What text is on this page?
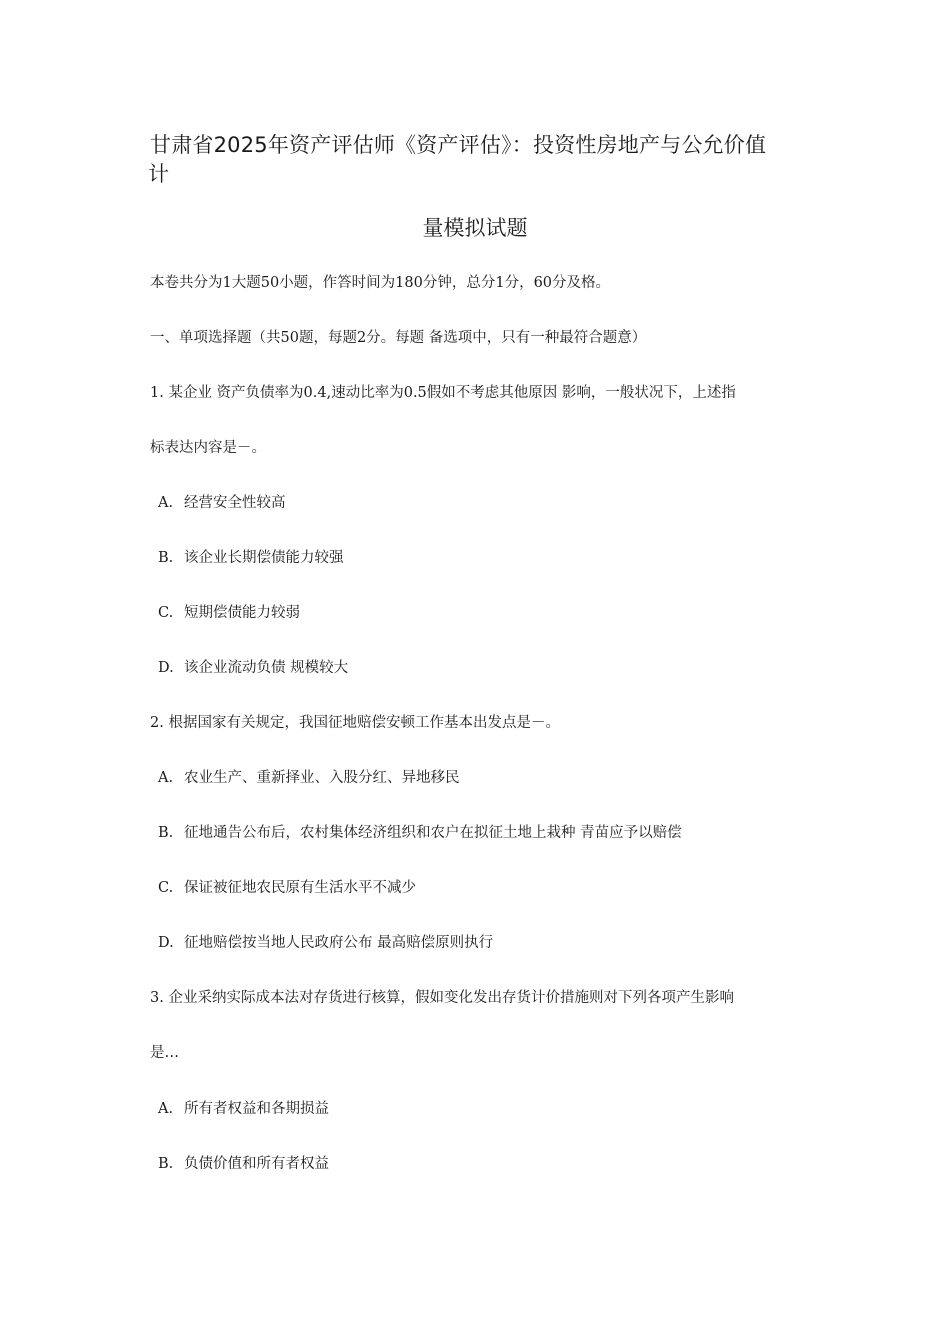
甘肃省2025年资产评估师《资产评估》：投资性房地产与公允价值
计
量模拟试题
本卷共分为1大题50小题，作答时间为180分钟，总分1分，60分及格。
一、单项选择题（共50题，每题2分。每题 备选项中，只有一种最符合题意）
1. 某企业 资产负债率为0.4,速动比率为0.5假如不考虑其他原因 影响，一般状况下，上述指
标表达内容是－。
A. 经营安全性较高
B. 该企业长期偿债能力较强
C. 短期偿债能力较弱
D. 该企业流动负债 规模较大
2. 根据国家有关规定，我国征地赔偿安顿工作基本出发点是－。
A. 农业生产、重新择业、入股分红、异地移民
B. 征地通告公布后，农村集体经济组织和农户在拟征土地上栽种 青苗应予以赔偿
C. 保证被征地农民原有生活水平不减少
D. 征地赔偿按当地人民政府公布 最高赔偿原则执行
3. 企业采纳实际成本法对存货进行核算，假如变化发出存货计价措施则对下列各项产生影响
是…
A. 所有者权益和各期损益
B. 负债价值和所有者权益
